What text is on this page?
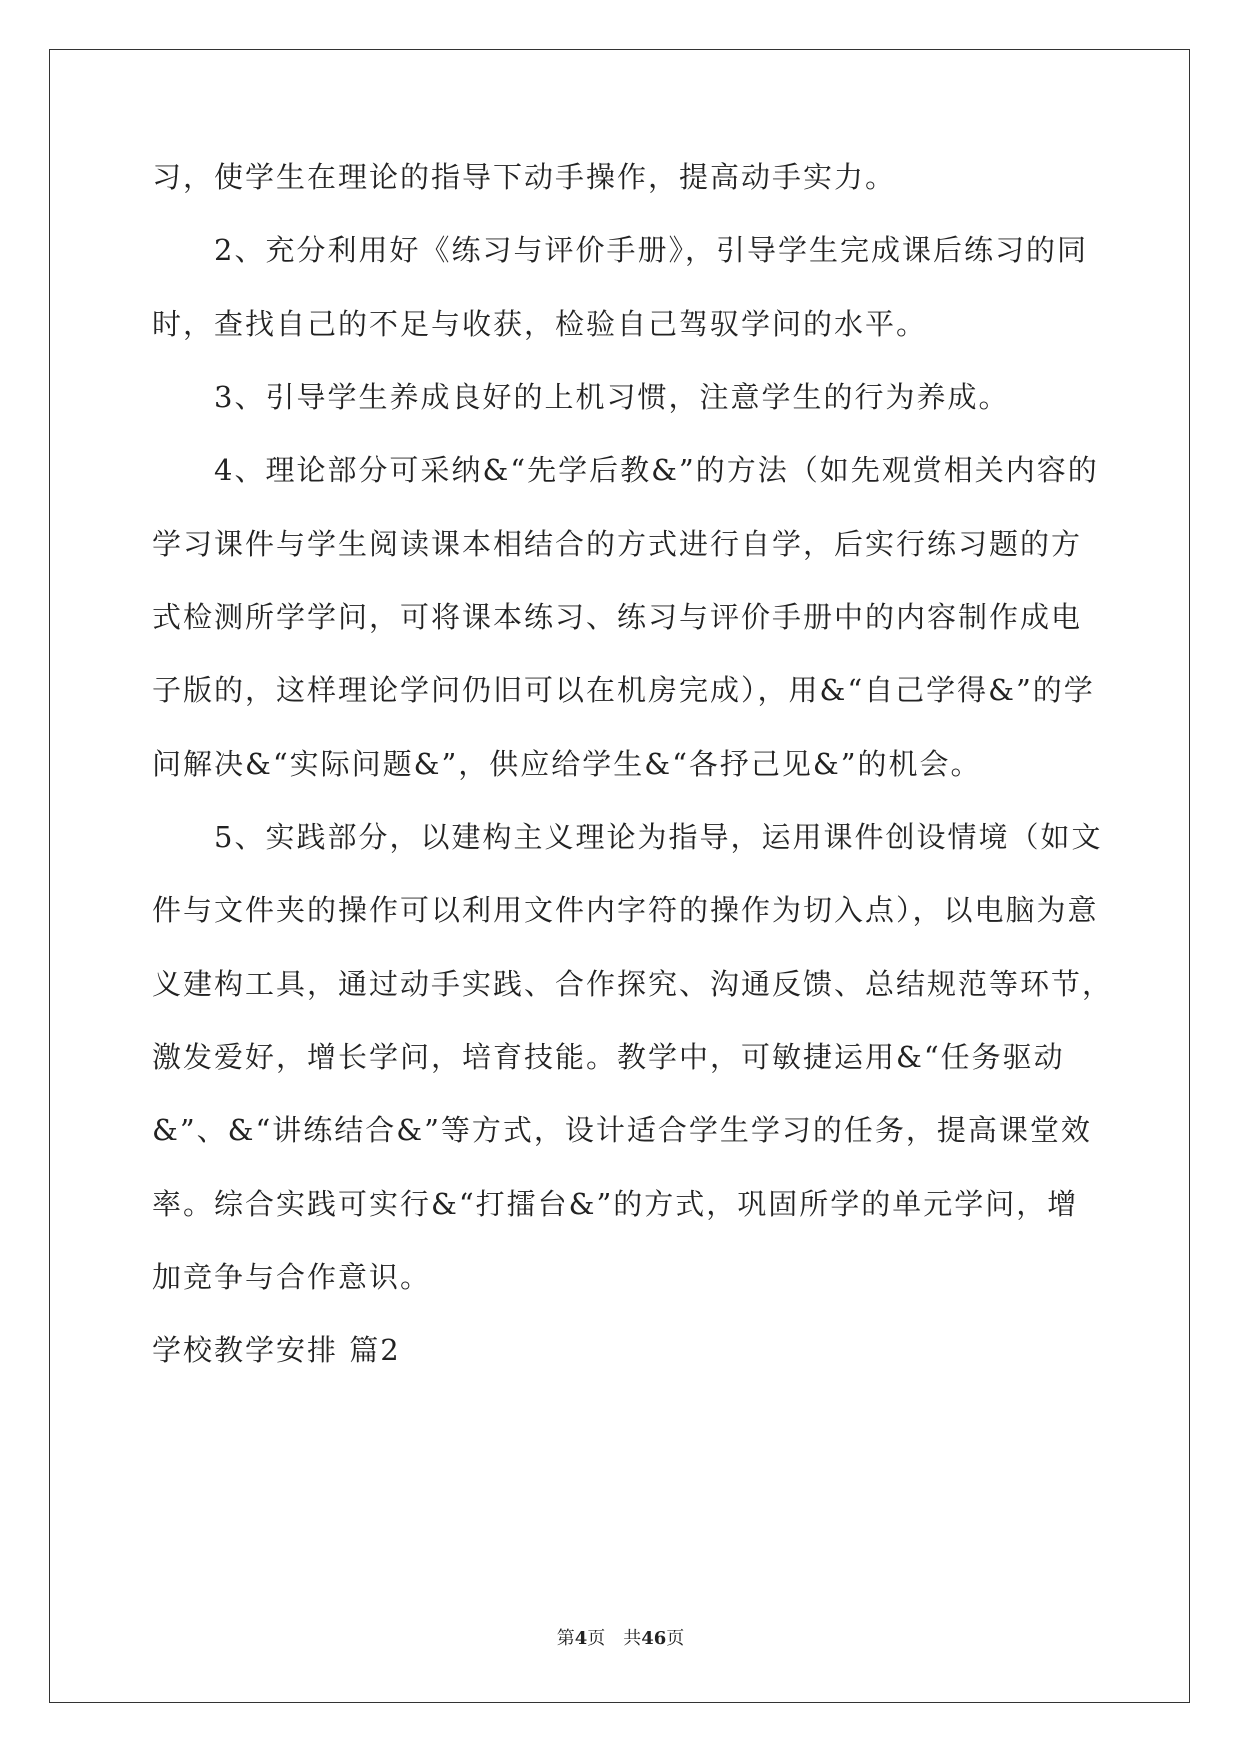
习，使学生在理论的指导下动手操作，提高动手实力。
　　2、充分利用好《练习与评价手册》，引导学生完成课后练习的同
时，查找自己的不足与收获，检验自己驾驭学问的水平。
　　3、引导学生养成良好的上机习惯，注意学生的行为养成。
　　4、理论部分可采纳&“先学后教&”的方法（如先观赏相关内容的
学习课件与学生阅读课本相结合的方式进行自学，后实行练习题的方
式检测所学学问，可将课本练习、练习与评价手册中的内容制作成电
子版的，这样理论学问仍旧可以在机房完成），用&“自己学得&”的学
问解决&“实际问题&”，供应给学生&“各抒己见&”的机会。
　　5、实践部分，以建构主义理论为指导，运用课件创设情境（如文
件与文件夹的操作可以利用文件内字符的操作为切入点），以电脑为意
义建构工具，通过动手实践、合作探究、沟通反馈、总结规范等环节，
激发爱好，增长学问，培育技能。教学中，可敏捷运用&“任务驱动
&”、&“讲练结合&”等方式，设计适合学生学习的任务，提高课堂效
率。综合实践可实行&“打擂台&”的方式，巩固所学的单元学问，增
加竞争与合作意识。
学校教学安排 篇2
第4页　共46页
